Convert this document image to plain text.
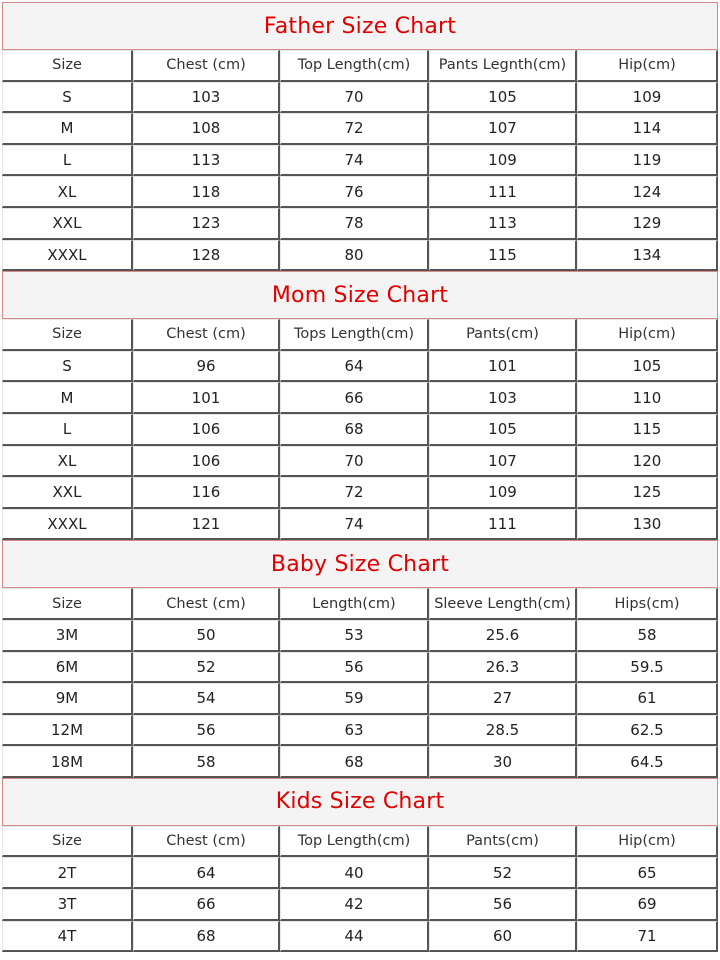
Father Size Chart
Size	Chest (cm)	Top Length(cm)	Pants Legnth(cm)	Hip(cm)
S	103	70	105	109
M	108	72	107	114
L	113	74	109	119
XL	118	76	111	124
XXL	123	78	113	129
XXXL	128	80	115	134
Mom Size Chart
Size	Chest (cm)	Tops Length(cm)	Pants(cm)	Hip(cm)
S	96	64	101	105
M	101	66	103	110
L	106	68	105	115
XL	106	70	107	120
XXL	116	72	109	125
XXXL	121	74	111	130
Baby Size Chart
Size	Chest (cm)	Length(cm)	Sleeve Length(cm)	Hips(cm)
3M	50	53	25.6	58
6M	52	56	26.3	59.5
9M	54	59	27	61
12M	56	63	28.5	62.5
18M	58	68	30	64.5
Kids Size Chart
Size	Chest (cm)	Top Length(cm)	Pants(cm)	Hip(cm)
2T	64	40	52	65
3T	66	42	56	69
4T	68	44	60	71
